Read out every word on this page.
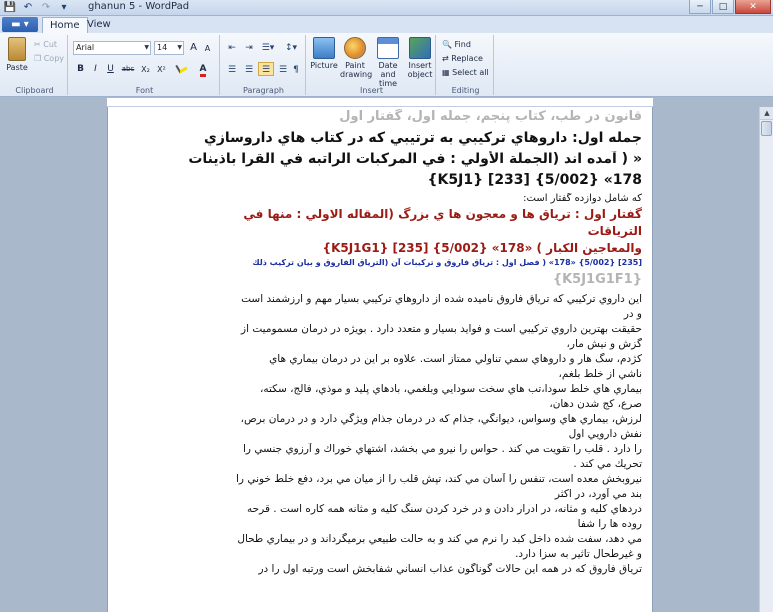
💾 ↶ ↷	▾	ghanun 5 - WordPad	─	□	✕
▬ ▾	Home View
Paste
✂ Cut
❐ Copy
Clipboard
Arial	▼	14 ▼ A A
B	I	U	abc X₂ X²	A
Font
⇤	⇥ ☰▾	↕▾
☰ ☰ ☰ ☰ ¶
Paragraph
Picture Paint
drawing
Date and
time
Insert
object
Insert
🔍 Find
⇄ Replace
▦ Select all
Editing
قانون در طب، كتاب پنجم، جمله اول، گفتار اول
جمله اول: داروهاي تركيبي به ترتيبي كه در كتاب هاي داروسازي
« ( آمده اند (الجملة الأولي : في المركبات الراتبه في القرا باذينات
178» {5/002} [233] {K5J1}
كه شامل دوازده گفتار است:
گفتار اول : ترياق ها و معجون ها ي بزرگ (المقاله الاولي : منها في
الترياقات
والمعاجين الكبار ) «178» {5/002} [235] {K5J1G1}
[235] {5/002} «178» ( فصل اول : ترياق فاروق و تركيبات آن (الترياق الفاروق و بيان تركيب ذلك
{K5J1G1F1}
اين داروي تركيبي كه ترياق فاروق ناميده شده از داروهاي تركيبي بسيار مهم و ارزشمند است
و در
حقيقت بهترين داروي تركيبي است و فوايد بسيار و متعدد دارد . بويژه در درمان مسموميت از
گزش و نيش مار،
كژدم، سگ هار و داروهاي سمي تناولي ممتاز است. علاوه بر اين در درمان بيماري هاي
ناشي از خلط بلغم،
بيماري هاي خلط سودا،تب هاي سخت سودايي وبلغمي، بادهاي پليد و موذي، فالج، سكته،
صرع، كج شدن دهان،
لرزش، بيماري هاي وسواس، ديوانگي، جذام كه در درمان جذام ويژگي دارد و در درمان برص،
نفش دارويي اول
را دارد . قلب را تقويت مي كند . حواس را نيرو مي بخشد، اشتهاي خوراك و آرزوي جنسي را
تحريك مي كند .
نيروبخش معده است، تنفس را آسان مي كند، تپش قلب را از ميان مي برد، دفع خلط خوني را
بند مي آورد، در اكثر
دردهاي كليه و مثانه، در ادرار دادن و در خرد كردن سنگ كليه و مثانه همه كاره است . قرحه
روده ها را شفا
مي دهد، سفت شده داخل كبد را نرم مي كند و به حالت طبيعي برميگرداند و در بيماري طحال
و غيرطحال تاثير به سزا دارد.
ترياق فاروق كه در همه اين حالات گوناگون عذاب انساني شفابخش است ورتبه اول را در
▲
